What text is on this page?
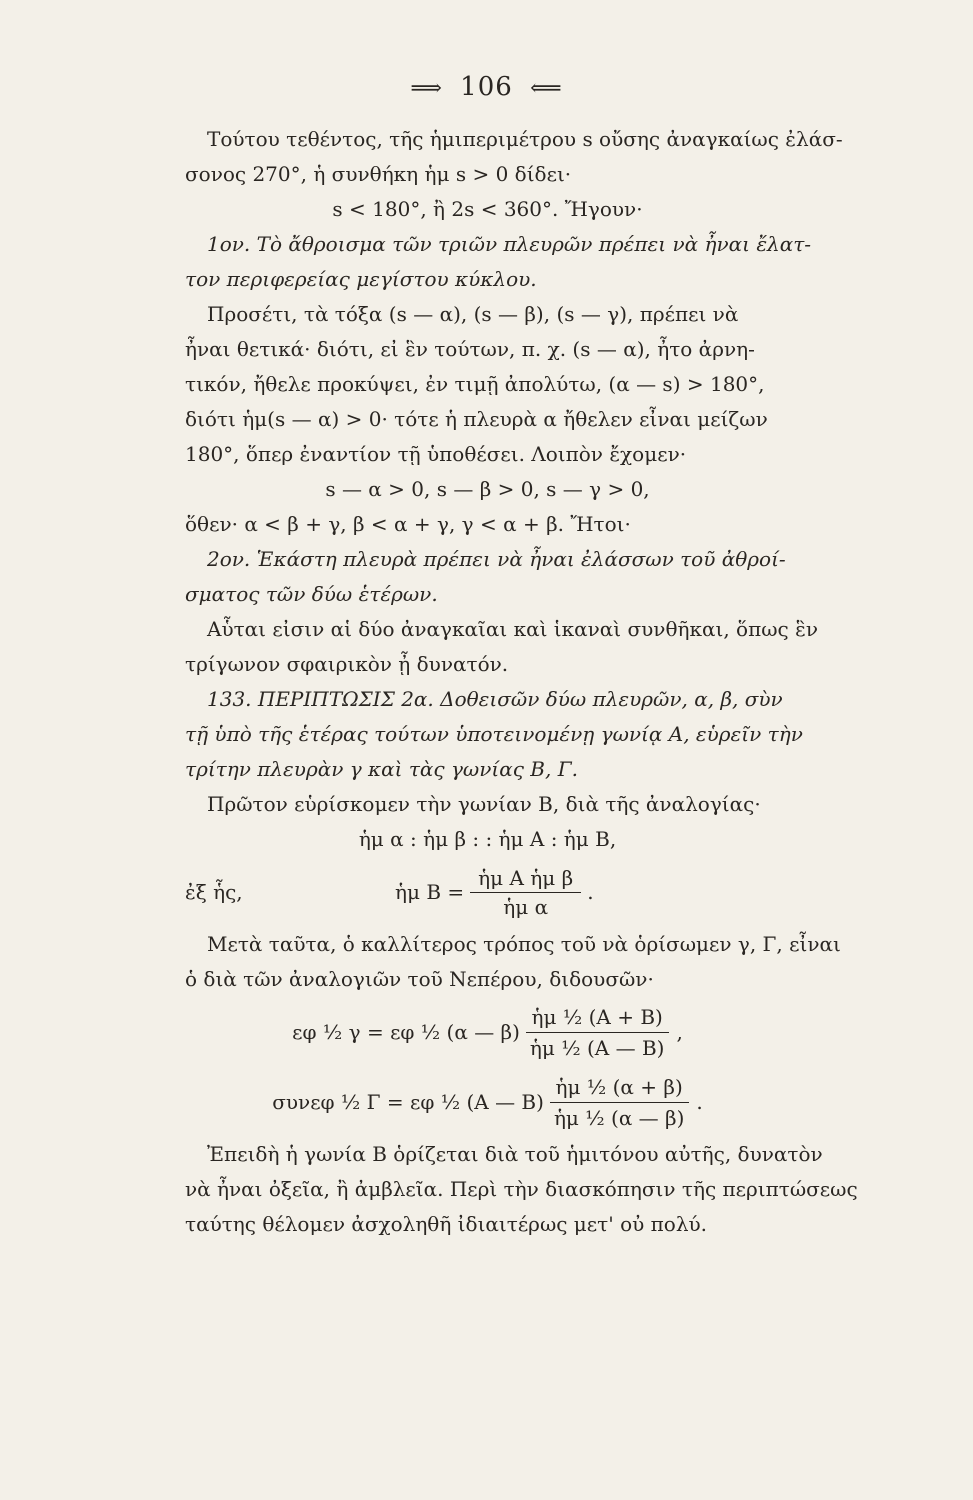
⟹ 106 ⟸
Τούτου τεθέντος, τῆς ἡμιπεριμέτρου s οὔσης ἀναγκαίως ἐλάσ-
σονος 270°, ἡ συνθήκη ἡμ s > 0 δίδει·
s < 180°, ἢ 2s < 360°. Ἤγουν·
1ον. Τὸ ἄθροισμα τῶν τριῶν πλευρῶν πρέπει νὰ ἦναι ἔλατ-
τον περιφερείας μεγίστου κύκλου.
Προσέτι, τὰ τόξα (s — α), (s — β), (s — γ), πρέπει νὰ
ἦναι θετικά· διότι, εἰ ἓν τούτων, π. χ. (s — α), ἦτο ἀρνη-
τικόν, ἤθελε προκύψει, ἐν τιμῇ ἀπολύτω, (α — s) > 180°,
διότι ἡμ(s — α) > 0· τότε ἡ πλευρὰ α ἤθελεν εἶναι μείζων
180°, ὅπερ ἐναντίον τῇ ὑποθέσει. Λοιπὸν ἔχομεν·
s — α > 0, s — β > 0, s — γ > 0,
ὅθεν· α < β + γ, β < α + γ, γ < α + β. Ἤτοι·
2ον. Ἑκάστη πλευρὰ πρέπει νὰ ἦναι ἐλάσσων τοῦ ἀθροί-
σματος τῶν δύω ἑτέρων.
Αὗται εἰσιν αἱ δύο ἀναγκαῖαι καὶ ἱκαναὶ συνθῆκαι, ὅπως ἓν
τρίγωνον σφαιρικὸν ᾖ δυνατόν.
133. ΠΕΡΙΠΤΩΣΙΣ 2α. Δοθεισῶν δύω πλευρῶν, α, β, σὺν
τῇ ὑπὸ τῆς ἑτέρας τούτων ὑποτεινομένῃ γωνίᾳ Α, εὑρεῖν τὴν
τρίτην πλευρὰν γ καὶ τὰς γωνίας Β, Γ.
Πρῶτον εὑρίσκομεν τὴν γωνίαν Β, διὰ τῆς ἀναλογίας·
ἡμ α : ἡμ β : : ἡμ Α : ἡμ Β,
ἐξ ἧς,	ἡμ $B = \frac{\text{ἡμ Α ἡμ β}}{\text{ἡμ α}}$ .
Μετὰ ταῦτα, ὁ καλλίτερος τρόπος τοῦ νὰ ὁρίσωμεν γ, Γ, εἶναι
ὁ διὰ τῶν ἀναλογιῶν τοῦ Νεπέρου, διδουσῶν·
εφ ½ γ = εφ ½ (α — $\beta) \frac{\text{ἡμ ½ (Α + Β)}}{\text{ἡμ ½ (Α — Β)}}$ ,
συνεφ ½ Γ = εφ ½ (Α — $B) \frac{\text{ἡμ ½ (α + β)}}{\text{ἡμ ½ (α — β)}}$ .
Ἐπειδὴ ἡ γωνία Β ὁρίζεται διὰ τοῦ ἡμιτόνου αὐτῆς, δυνατὸν
νὰ ἦναι ὀξεῖα, ἢ ἀμβλεῖα. Περὶ τὴν διασκόπησιν τῆς περιπτώσεως
ταύτης θέλομεν ἀσχοληθῆ ἰδιαιτέρως μετ' οὐ πολύ.
